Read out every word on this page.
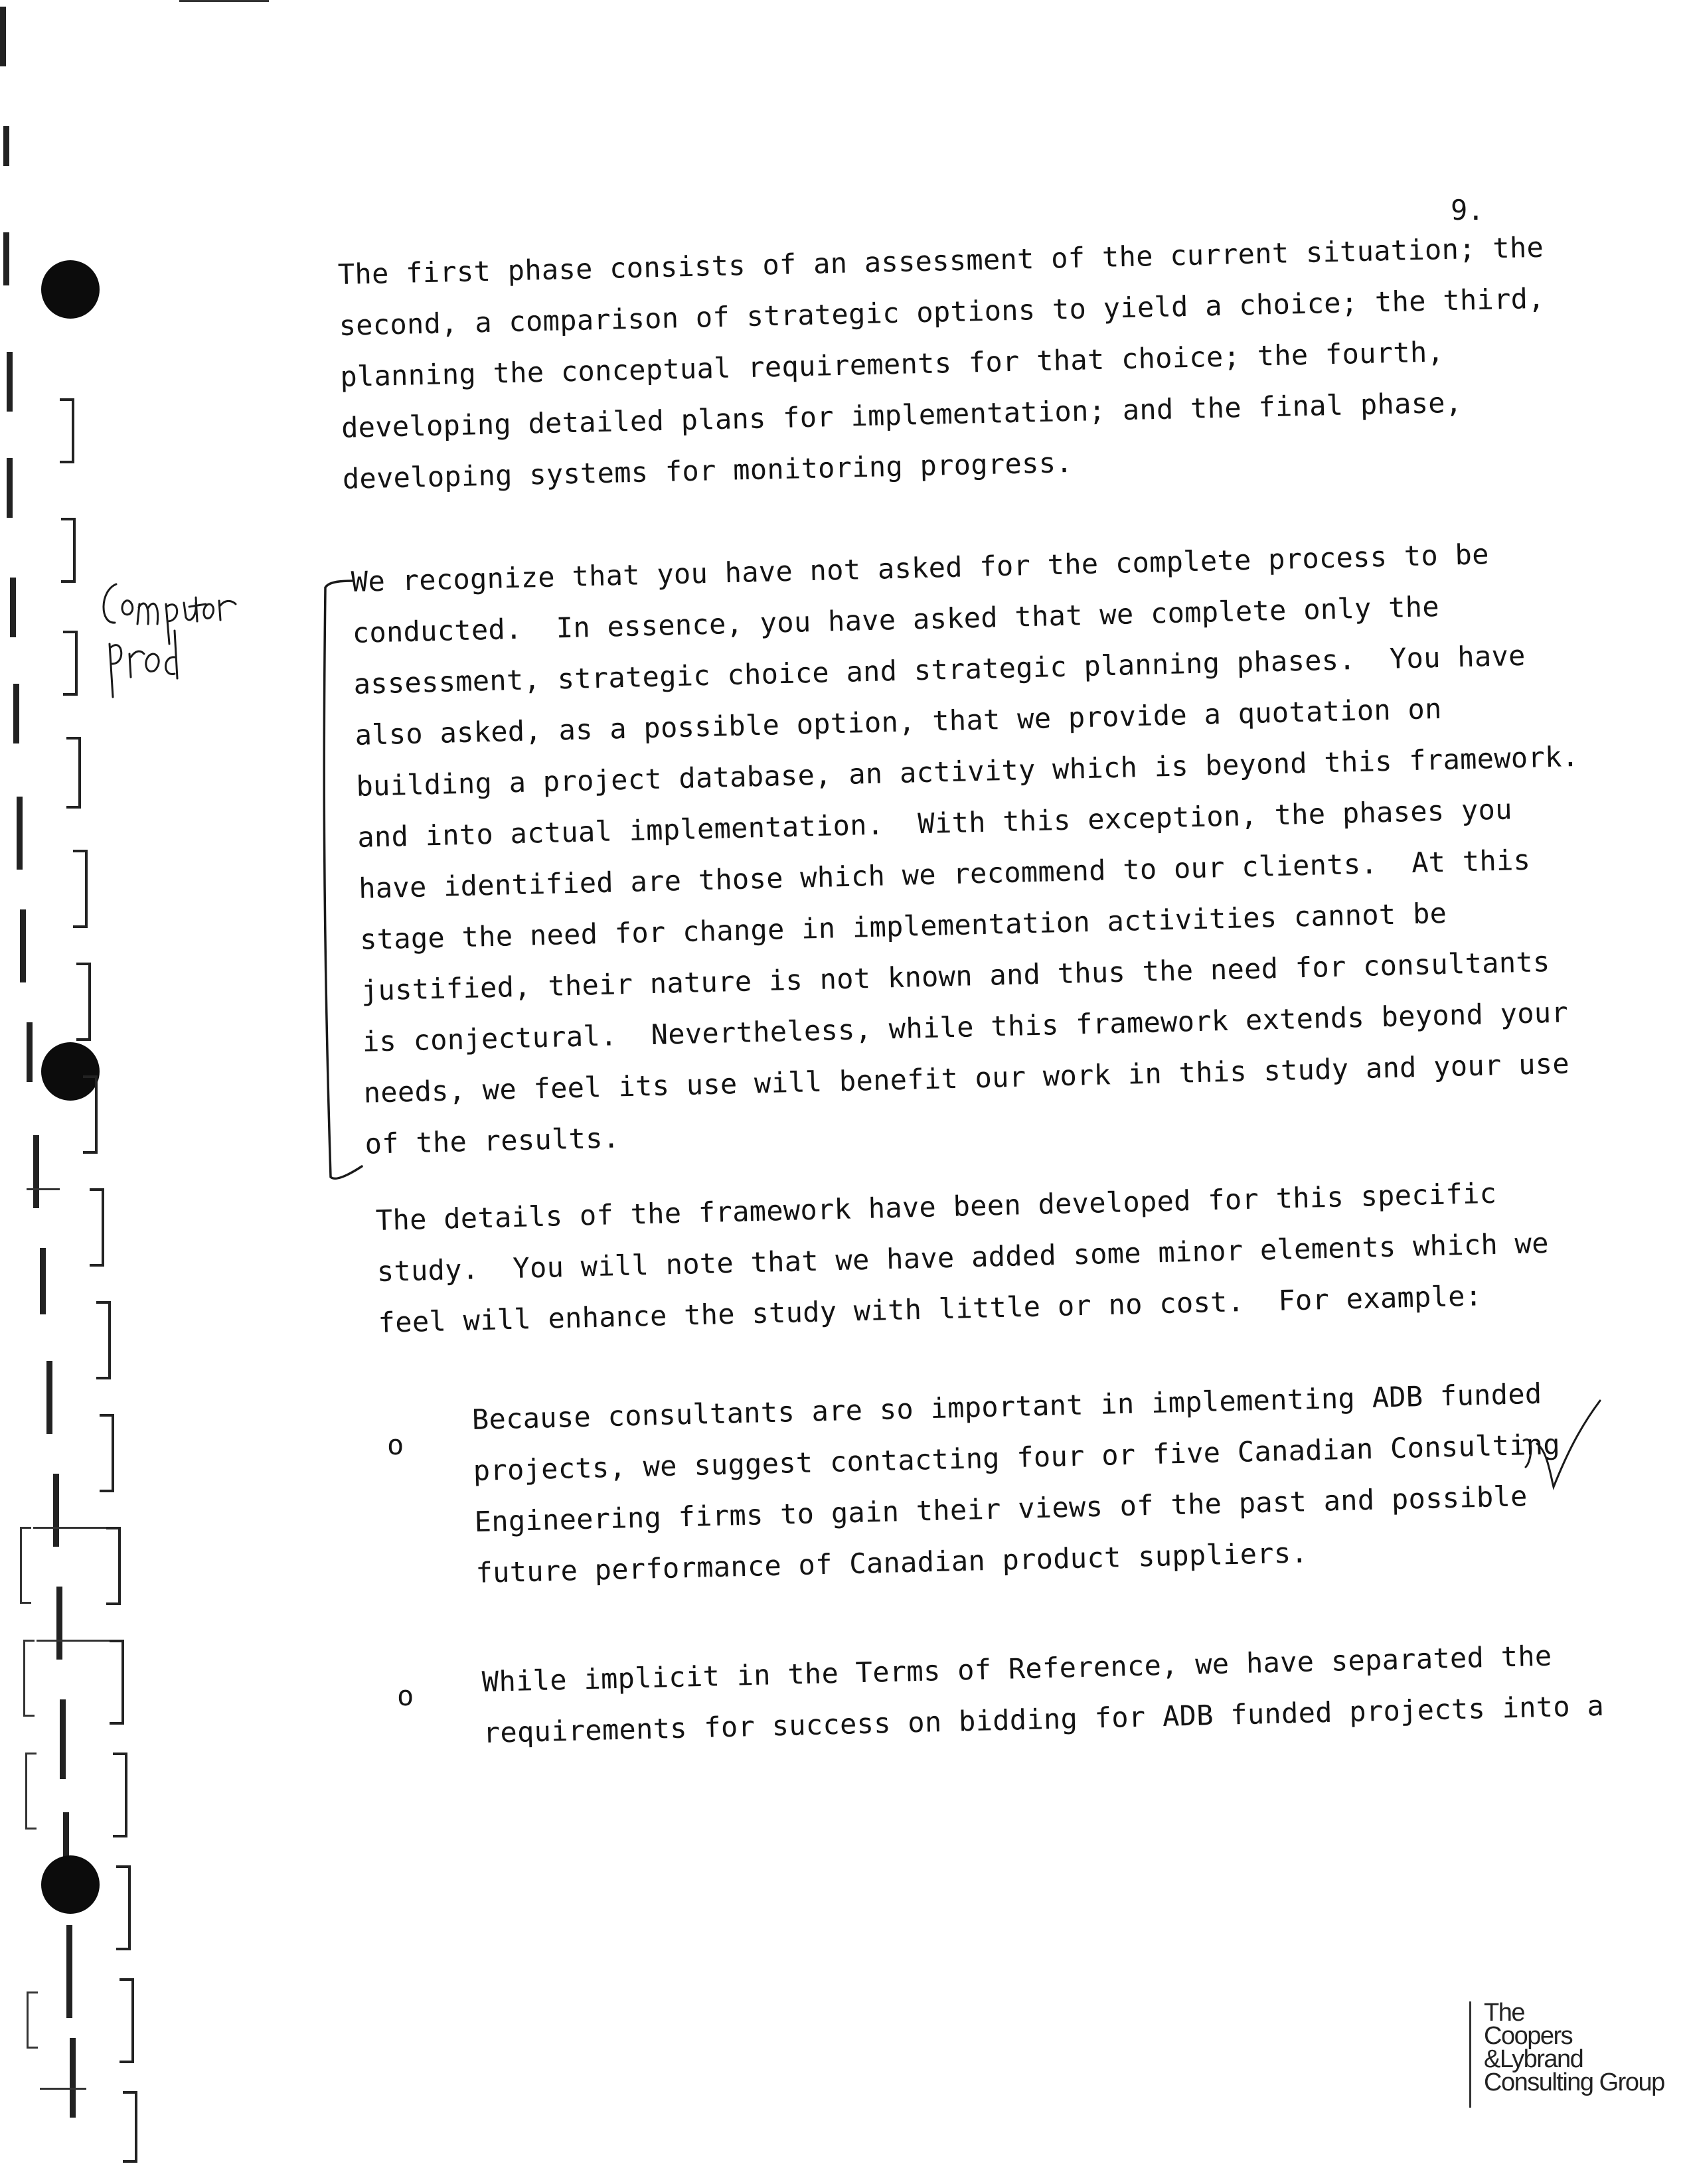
9.

The first phase consists of an assessment of the current situation; the
second, a comparison of strategic options to yield a choice; the third,
planning the conceptual requirements for that choice; the fourth,
developing detailed plans for implementation; and the final phase,
developing systems for monitoring progress.

We recognize that you have not asked for the complete process to be
conducted.  In essence, you have asked that we complete only the
assessment, strategic choice and strategic planning phases.  You have
also asked, as a possible option, that we provide a quotation on
building a project database, an activity which is beyond this framework.
and into actual implementation.  With this exception, the phases you
have identified are those which we recommend to our clients.  At this
stage the need for change in implementation activities cannot be
justified, their nature is not known and thus the need for consultants
is conjectural.  Nevertheless, while this framework extends beyond your
needs, we feel its use will benefit our work in this study and your use
of the results.

The details of the framework have been developed for this specific
study.  You will note that we have added some minor elements which we
feel will enhance the study with little or no cost.  For example:

o

Because consultants are so important in implementing ADB funded
projects, we suggest contacting four or five Canadian Consulting
Engineering firms to gain their views of the past and possible
future performance of Canadian product suppliers.

o While implicit in the Terms of Reference, we have separated the
requirements for success on bidding for ADB funded projects into a

The
Coopers
&Lybrand
Consulting Group
